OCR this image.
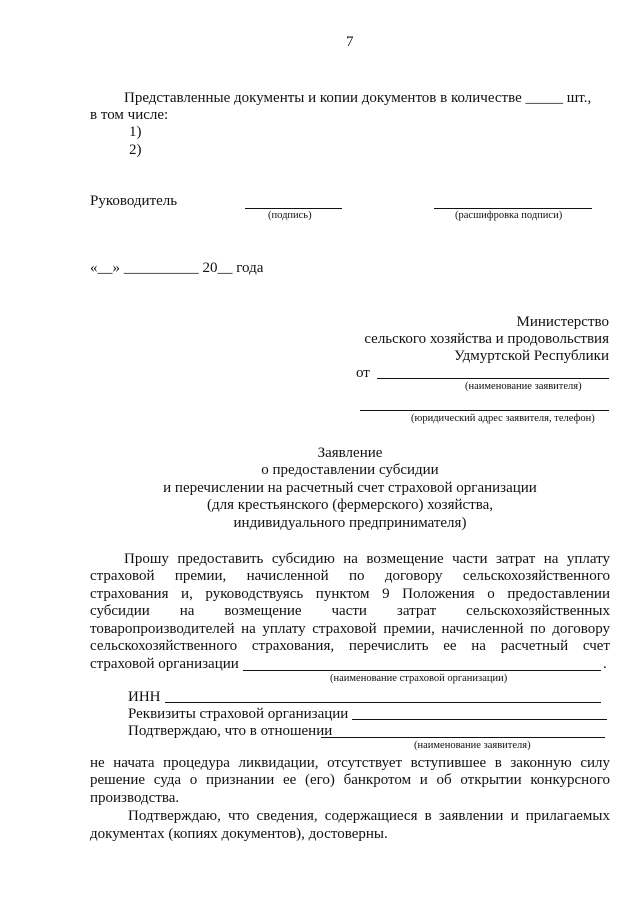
7
Представленные документы и копии документов в количестве _____ шт.,
в том числе:
1)
2)
Руководитель
(подпись)	(расшифровка подписи)
«__» __________ 20__ года
Министерство
сельского хозяйства и продовольствия
Удмуртской Республики
от
(наименование заявителя)
(юридический адрес заявителя, телефон)
Заявление
о предоставлении субсидии
и перечислении на расчетный счет страховой организации
(для крестьянского (фермерского) хозяйства,
индивидуального предпринимателя)
Прошу предоставить субсидию на возмещение части затрат на уплату
страховой премии, начисленной по договору сельскохозяйственного
страхования и, руководствуясь пунктом 9 Положения о предоставлении
субсидии на возмещение части затрат сельскохозяйственных
товаропроизводителей на уплату страховой премии, начисленной по договору
сельскохозяйственного страхования, перечислить ее на расчетный счет
страховой организации	.
(наименование страховой организации)
ИНН
Реквизиты страховой организации
Подтверждаю, что в отношении
(наименование заявителя)
не начата процедура ликвидации, отсутствует вступившее в законную силу
решение суда о признании ее (его) банкротом и об открытии конкурсного
производства.
Подтверждаю, что сведения, содержащиеся в заявлении и прилагаемых
документах (копиях документов), достоверны.
